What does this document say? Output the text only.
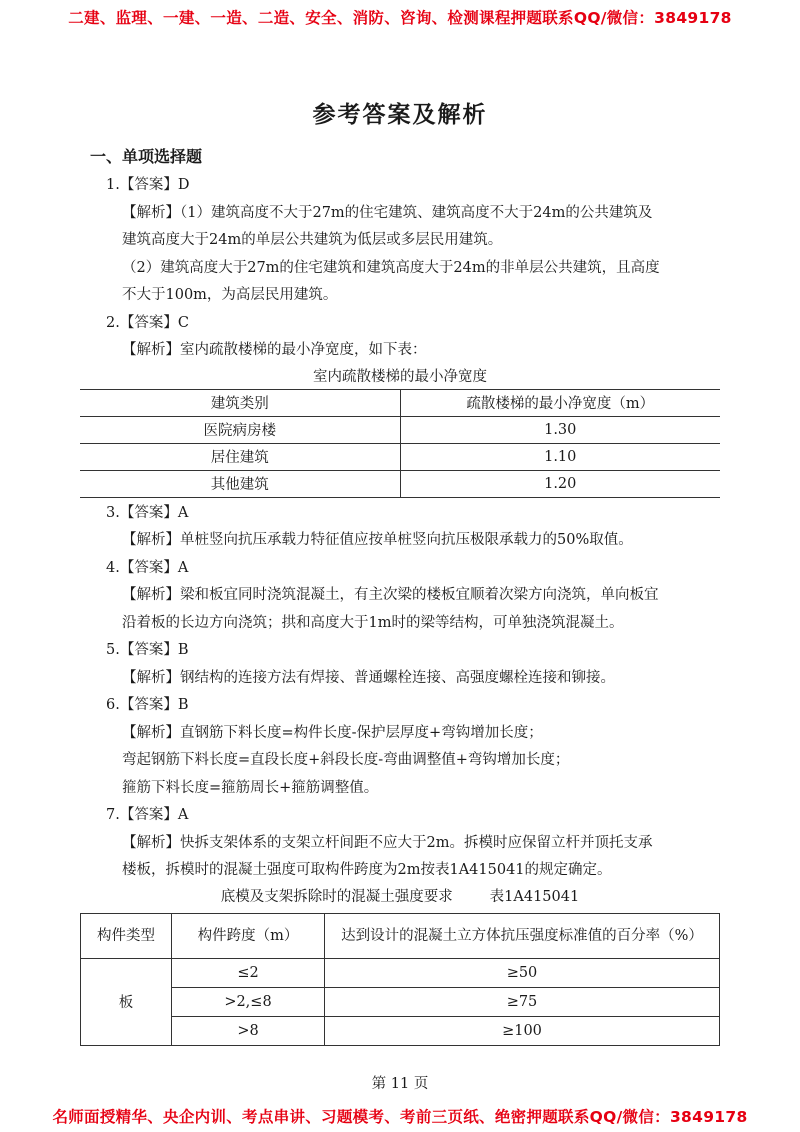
二建、监理、一建、一造、二造、安全、消防、咨询、检测课程押题联系QQ/微信：3849178
参考答案及解析
一、单项选择题
1.【答案】D
【解析】（1）建筑高度不大于27m的住宅建筑、建筑高度不大于24m的公共建筑及
建筑高度大于24m的单层公共建筑为低层或多层民用建筑。
（2）建筑高度大于27m的住宅建筑和建筑高度大于24m的非单层公共建筑，且高度
不大于100m，为高层民用建筑。
2.【答案】C
【解析】室内疏散楼梯的最小净宽度，如下表：
室内疏散楼梯的最小净宽度
建筑类别	疏散楼梯的最小净宽度（m）
医院病房楼	1.30
居住建筑	1.10
其他建筑	1.20
3.【答案】A
【解析】单桩竖向抗压承载力特征值应按单桩竖向抗压极限承载力的50%取值。
4.【答案】A
【解析】梁和板宜同时浇筑混凝土，有主次梁的楼板宜顺着次梁方向浇筑，单向板宜
沿着板的长边方向浇筑；拱和高度大于1m时的梁等结构，可单独浇筑混凝土。
5.【答案】B
【解析】钢结构的连接方法有焊接、普通螺栓连接、高强度螺栓连接和铆接。
6.【答案】B
【解析】直钢筋下料长度=构件长度-保护层厚度+弯钩增加长度；
弯起钢筋下料长度=直段长度+斜段长度-弯曲调整值+弯钩增加长度；
箍筋下料长度=箍筋周长+箍筋调整值。
7.【答案】A
【解析】快拆支架体系的支架立杆间距不应大于2m。拆模时应保留立杆并顶托支承
楼板，拆模时的混凝土强度可取构件跨度为2m按表1A415041的规定确定。
底模及支架拆除时的混凝土强度要求        表1A415041
构件类型	构件跨度（m）	达到设计的混凝土立方体抗压强度标准值的百分率（%）
板	≤2	≥50
	>2,≤8	≥75
	>8	≥100
第 11 页
名师面授精华、央企内训、考点串讲、习题模考、考前三页纸、绝密押题联系QQ/微信：3849178
